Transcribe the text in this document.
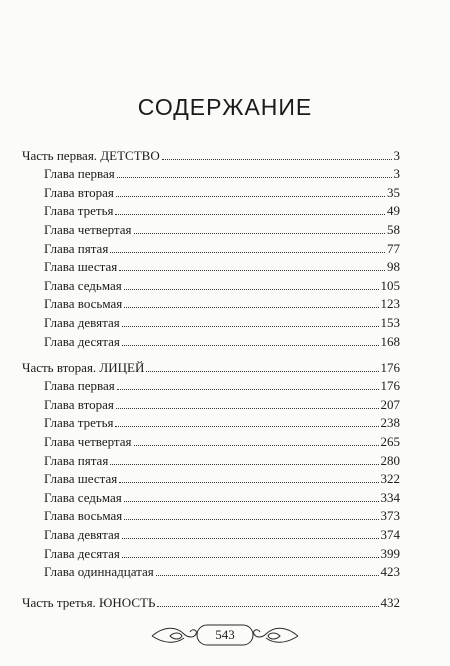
СОДЕРЖАНИЕ
Часть первая. ДЕТСТВО	3
Глава первая	3
Глава вторая	35
Глава третья	49
Глава четвертая	58
Глава пятая	77
Глава шестая	98
Глава седьмая	105
Глава восьмая	123
Глава девятая	153
Глава десятая	168
Часть вторая. ЛИЦЕЙ	176
Глава первая	176
Глава вторая	207
Глава третья	238
Глава четвертая	265
Глава пятая	280
Глава шестая	322
Глава седьмая	334
Глава восьмая	373
Глава девятая	374
Глава десятая	399
Глава одиннадцатая	423
Часть третья. ЮНОСТЬ	432
543
